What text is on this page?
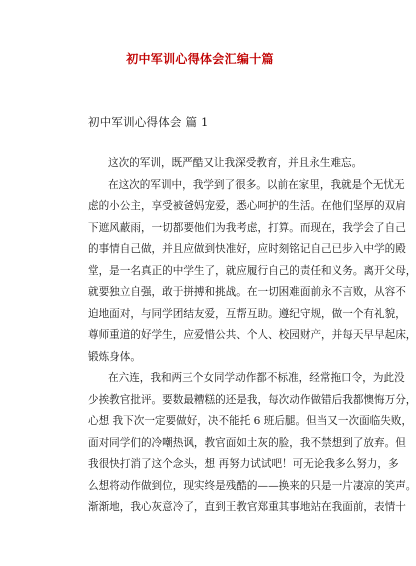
初中军训心得体会汇编十篇
初中军训心得体会 篇 1
这次的军训，既严酷又让我深受教育，并且永生难忘。
在这次的军训中，我学到了很多。以前在家里，我就是个无忧无
虑的小公主，享受被爸妈宠爱，悉心呵护的生活。在他们坚厚的双肩
下遮风蔽雨，一切都要他们为我考虑，打算。而现在，我学会了自己
的事情自己做，并且应做到快准好，应时刻铭记自己已步入中学的殿
堂，是一名真正的中学生了，就应履行自己的责任和义务。离开父母，
就要独立自强，敢于拼搏和挑战。在一切困难面前永不言败，从容不
迫地面对，与同学团结友爱，互帮互助。遵纪守规，做一个有礼貌，
尊师重道的好学生，应爱惜公共、个人、校园财产，并每天早早起床，
锻炼身体。
在六连，我和两三个女同学动作都不标准，经常拖口令，为此没
少挨教官批评。要数最糟糕的还是我，每次动作做错后我都懊悔万分，
心想 我下次一定要做好，决不能托 6 班后腿。但当又一次面临失败，
面对同学们的冷嘲热讽，教官面如土灰的脸，我不禁想到了放弃。但
我很快打消了这个念头，想 再努力试试吧！可无论我多么努力，多
么想将动作做到位，现实终是残酷的——换来的只是一片凄凉的笑声。
渐渐地，我心灰意冷了，直到王教官郑重其事地站在我面前，表情十
